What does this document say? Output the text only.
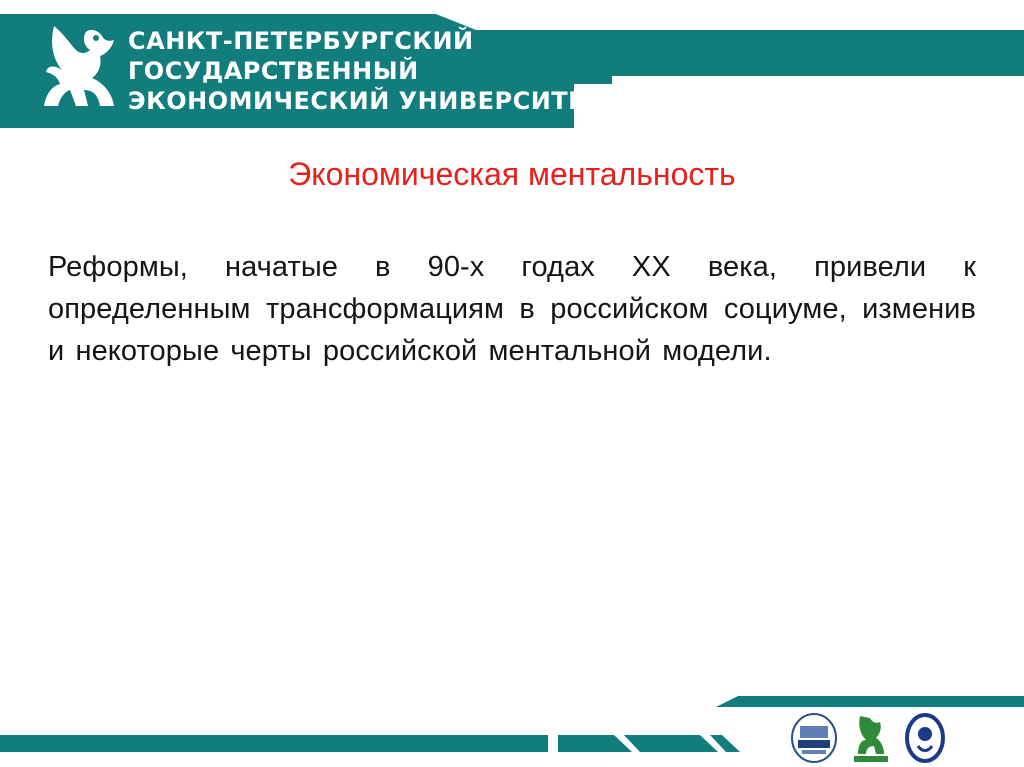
САНКТ-ПЕТЕРБУРГСКИЙ
ГОСУДАРСТВЕННЫЙ
ЭКОНОМИЧЕСКИЙ УНИВЕРСИТЕТ
Экономическая ментальность
Реформы, начатые в 90-х годах XX века, привели к определенным трансформациям в российском социуме, изменив и некоторые черты российской ментальной модели.
